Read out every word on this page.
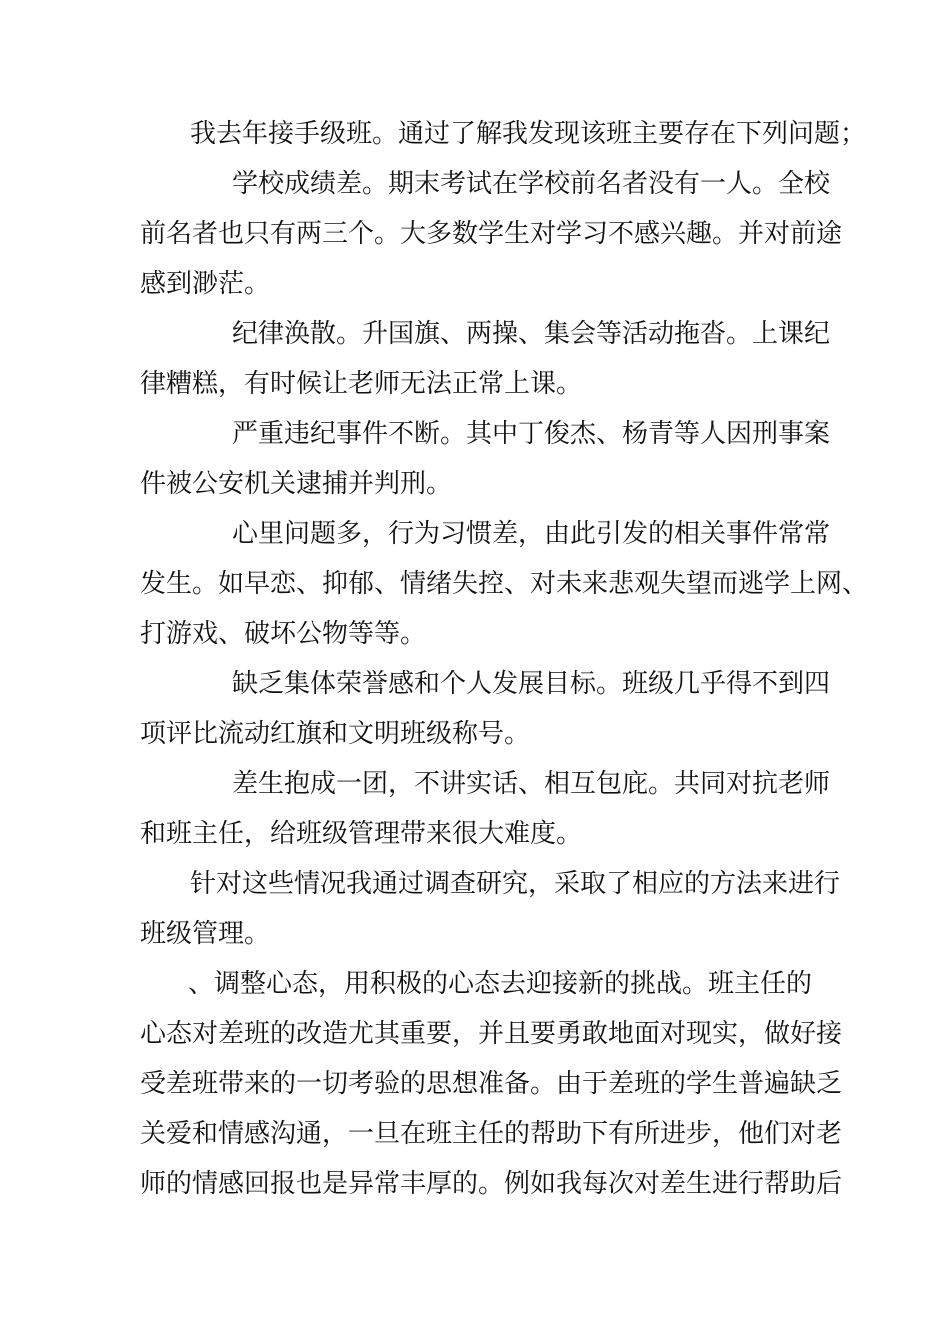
我去年接手级班。通过了解我发现该班主要存在下列问题；
学校成绩差。期末考试在学校前名者没有一人。全校
前名者也只有两三个。大多数学生对学习不感兴趣。并对前途
感到渺茫。
纪律涣散。升国旗、两操、集会等活动拖沓。上课纪
律糟糕，有时候让老师无法正常上课。
严重违纪事件不断。其中丁俊杰、杨青等人因刑事案
件被公安机关逮捕并判刑。
心里问题多，行为习惯差，由此引发的相关事件常常
发生。如早恋、抑郁、情绪失控、对未来悲观失望而逃学上网、
打游戏、破坏公物等等。
缺乏集体荣誉感和个人发展目标。班级几乎得不到四
项评比流动红旗和文明班级称号。
差生抱成一团，不讲实话、相互包庇。共同对抗老师
和班主任，给班级管理带来很大难度。
针对这些情况我通过调查研究，采取了相应的方法来进行
班级管理。
、调整心态，用积极的心态去迎接新的挑战。班主任的
心态对差班的改造尤其重要，并且要勇敢地面对现实，做好接
受差班带来的一切考验的思想准备。由于差班的学生普遍缺乏
关爱和情感沟通，一旦在班主任的帮助下有所进步，他们对老
师的情感回报也是异常丰厚的。例如我每次对差生进行帮助后
